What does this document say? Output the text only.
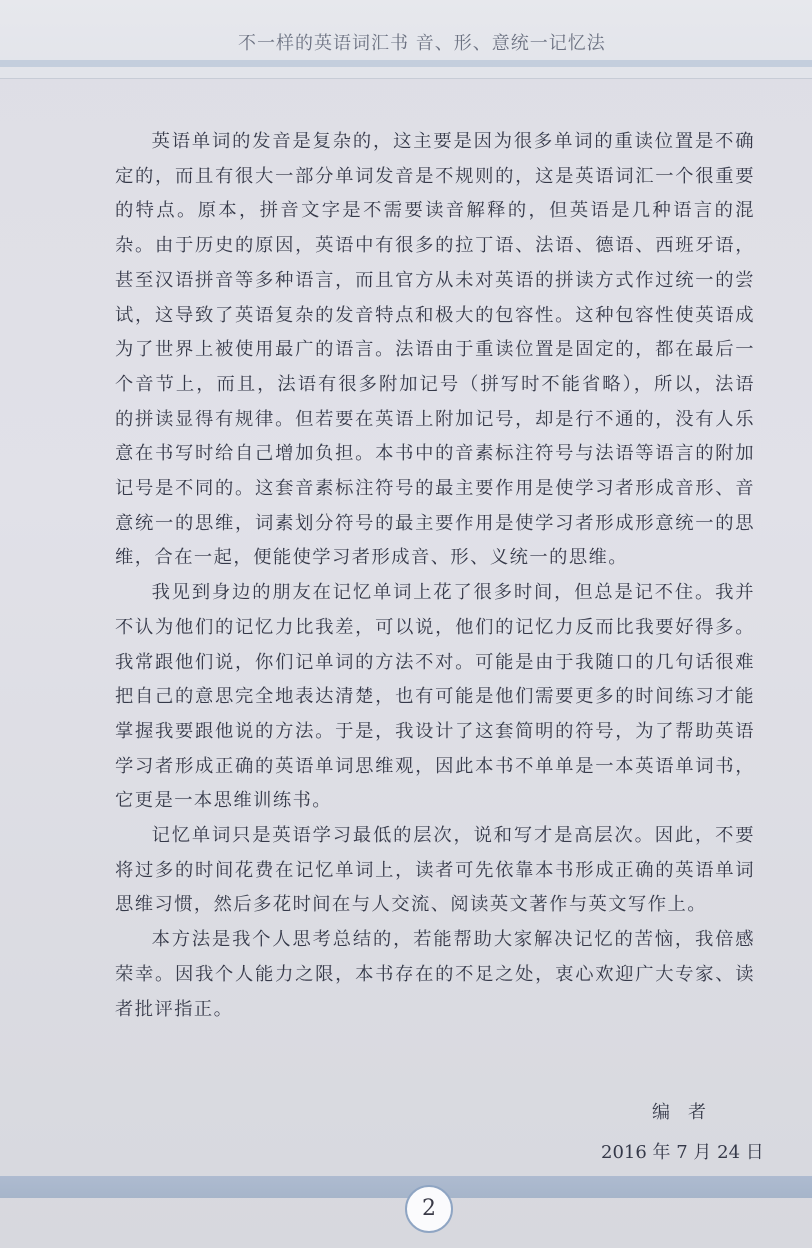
不一样的英语词汇书 音、形、意统一记忆法

英语单词的发音是复杂的，这主要是因为很多单词的重读位置是不确定的，而且有很大一部分单词发音是不规则的，这是英语词汇一个很重要的特点。原本，拼音文字是不需要读音解释的，但英语是几种语言的混杂。由于历史的原因，英语中有很多的拉丁语、法语、德语、西班牙语，甚至汉语拼音等多种语言，而且官方从未对英语的拼读方式作过统一的尝试，这导致了英语复杂的发音特点和极大的包容性。这种包容性使英语成为了世界上被使用最广的语言。法语由于重读位置是固定的，都在最后一个音节上，而且，法语有很多附加记号（拼写时不能省略），所以，法语的拼读显得有规律。但若要在英语上附加记号，却是行不通的，没有人乐意在书写时给自己增加负担。本书中的音素标注符号与法语等语言的附加记号是不同的。这套音素标注符号的最主要作用是使学习者形成音形、音意统一的思维，词素划分符号的最主要作用是使学习者形成形意统一的思维，合在一起，便能使学习者形成音、形、义统一的思维。

我见到身边的朋友在记忆单词上花了很多时间，但总是记不住。我并不认为他们的记忆力比我差，可以说，他们的记忆力反而比我要好得多。我常跟他们说，你们记单词的方法不对。可能是由于我随口的几句话很难把自己的意思完全地表达清楚，也有可能是他们需要更多的时间练习才能掌握我要跟他说的方法。于是，我设计了这套简明的符号，为了帮助英语学习者形成正确的英语单词思维观，因此本书不单单是一本英语单词书，它更是一本思维训练书。

记忆单词只是英语学习最低的层次，说和写才是高层次。因此，不要将过多的时间花费在记忆单词上，读者可先依靠本书形成正确的英语单词思维习惯，然后多花时间在与人交流、阅读英文著作与英文写作上。

本方法是我个人思考总结的，若能帮助大家解决记忆的苦恼，我倍感荣幸。因我个人能力之限，本书存在的不足之处，衷心欢迎广大专家、读者批评指正。

编者
2016 年 7 月 24 日
2
